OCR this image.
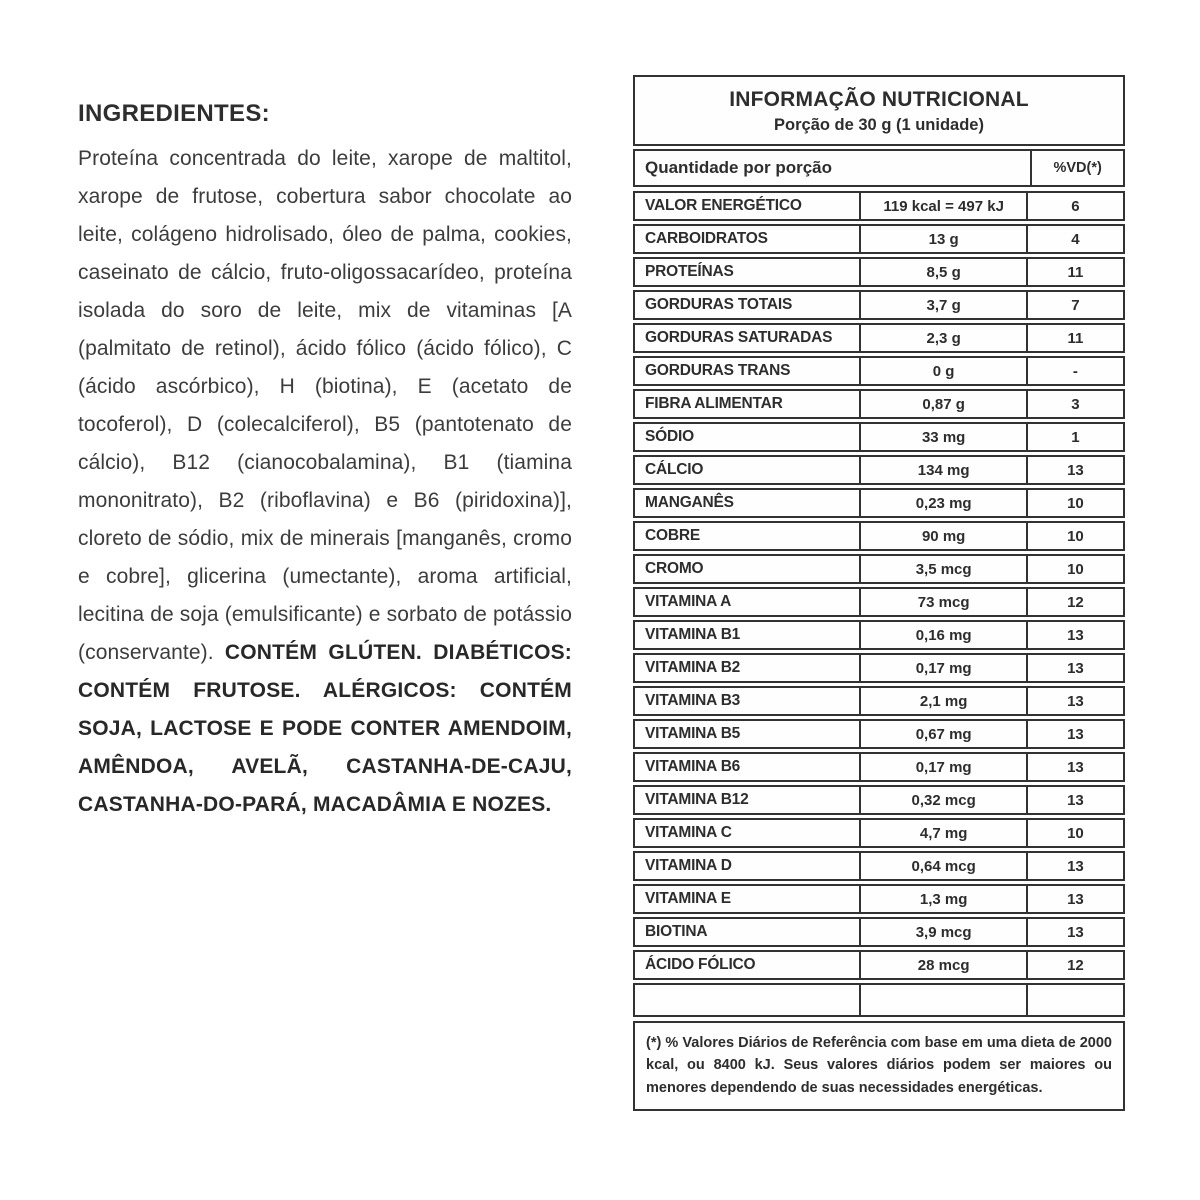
INGREDIENTES:

Proteína concentrada do leite, xarope de maltitol, xarope de frutose, cobertura sabor chocolate ao leite, colágeno hidrolisado, óleo de palma, cookies, caseinato de cálcio, fruto-oligossacarídeo, proteína isolada do soro de leite, mix de vitaminas [A (palmitato de retinol), ácido fólico (ácido fólico), C (ácido ascórbico), H (biotina), E (acetato de tocoferol), D (colecalciferol), B5 (pantotenato de cálcio), B12 (cianocobalamina), B1 (tiamina mononitrato), B2 (riboflavina) e B6 (piridoxina)], cloreto de sódio, mix de minerais [manganês, cromo e cobre], glicerina (umectante), aroma artificial, lecitina de soja (emulsificante) e sorbato de potássio (conservante). CONTÉM GLÚTEN. DIABÉTICOS: CONTÉM FRUTOSE. ALÉRGICOS: CONTÉM SOJA, LACTOSE E PODE CONTER AMENDOIM, AMÊNDOA, AVELÃ, CASTANHA-DE-CAJU, CASTANHA-DO-PARÁ, MACADÂMIA E NOZES.

INFORMAÇÃO NUTRICIONAL
Porção de 30 g (1 unidade)
Quantidade por porção	%VD(*)
VALOR ENERGÉTICO	119 kcal = 497 kJ	6
CARBOIDRATOS	13 g	4
PROTEÍNAS	8,5 g	11
GORDURAS TOTAIS	3,7 g	7
GORDURAS SATURADAS	2,3 g	11
GORDURAS TRANS	0 g	-
FIBRA ALIMENTAR	0,87 g	3
SÓDIO	33 mg	1
CÁLCIO	134 mg	13
MANGANÊS	0,23 mg	10
COBRE	90 mg	10
CROMO	3,5 mcg	10
VITAMINA A	73 mcg	12
VITAMINA B1	0,16 mg	13
VITAMINA B2	0,17 mg	13
VITAMINA B3	2,1 mg	13
VITAMINA B5	0,67 mg	13
VITAMINA B6	0,17 mg	13
VITAMINA B12	0,32 mcg	13
VITAMINA C	4,7 mg	10
VITAMINA D	0,64 mcg	13
VITAMINA E	1,3 mg	13
BIOTINA	3,9 mcg	13
ÁCIDO FÓLICO	28 mcg	12
(*) % Valores Diários de Referência com base em uma dieta de 2000 kcal, ou 8400 kJ. Seus valores diários podem ser maiores ou menores dependendo de suas necessidades energéticas.
